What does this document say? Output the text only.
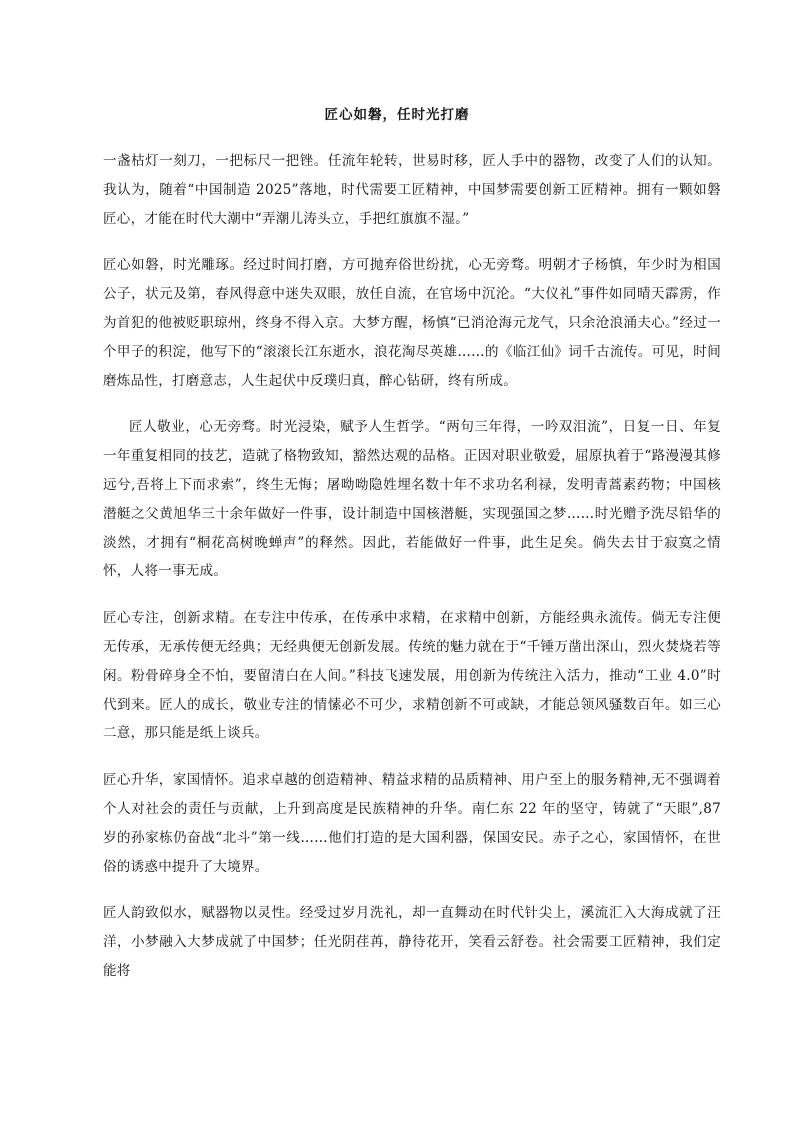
匠心如磐，任时光打磨

一盏枯灯一刻刀，一把标尺一把锉。任流年轮转，世易时移，匠人手中的器物，改变了人们的认知。我认为，随着“中国制造 2025”落地，时代需要工匠精神，中国梦需要创新工匠精神。拥有一颗如磐匠心，才能在时代大潮中“弄潮儿涛头立，手把红旗旗不湿。”

匠心如磐，时光雕琢。经过时间打磨，方可抛弃俗世纷扰，心无旁骛。明朝才子杨慎，年少时为相国公子，状元及第，春风得意中迷失双眼，放任自流，在官场中沉沦。“大仪礼”事件如同晴天霹雳，作为首犯的他被贬职琼州，终身不得入京。大梦方醒，杨慎“已消沧海元龙气，只余沧浪涌夫心。”经过一个甲子的积淀，他写下的“滚滚长江东逝水，浪花淘尽英雄……的《临江仙》词千古流传。可见，时间磨炼品性，打磨意志，人生起伏中反璞归真，醉心钻研，终有所成。

匠人敬业，心无旁骛。时光浸染，赋予人生哲学。“两句三年得，一吟双泪流”，日复一日、年复一年重复相同的技艺，造就了格物致知，豁然达观的品格。正因对职业敬爱，屈原执着于“路漫漫其修远兮,吾将上下而求索”，终生无悔；屠呦呦隐姓埋名数十年不求功名利禄，发明青蒿素药物；中国核潜艇之父黄旭华三十余年做好一件事，设计制造中国核潜艇，实现强国之梦……时光赠予洗尽铅华的淡然，才拥有“桐花高树晚蝉声”的释然。因此，若能做好一件事，此生足矣。倘失去甘于寂寞之情怀，人将一事无成。

匠心专注，创新求精。在专注中传承，在传承中求精，在求精中创新，方能经典永流传。倘无专注便无传承，无承传便无经典；无经典便无创新发展。传统的魅力就在于“千锤万凿出深山，烈火焚烧若等闲。粉骨碎身全不怕，要留清白在人间。”科技飞速发展，用创新为传统注入活力，推动“工业 4.0”时代到来。匠人的成长，敬业专注的情愫必不可少，求精创新不可或缺，才能总领风骚数百年。如三心二意，那只能是纸上谈兵。

匠心升华，家国情怀。追求卓越的创造精神、精益求精的品质精神、用户至上的服务精神,无不强调着个人对社会的责任与贡献，上升到高度是民族精神的升华。南仁东 22 年的坚守，铸就了“天眼”,87 岁的孙家栋仍奋战“北斗”第一线……他们打造的是大国利器，保国安民。赤子之心，家国情怀，在世俗的诱惑中提升了大境界。

匠人韵致似水，赋器物以灵性。经受过岁月洗礼，却一直舞动在时代针尖上，溪流汇入大海成就了汪洋，小梦融入大梦成就了中国梦；任光阴荏苒，静待花开，笑看云舒卷。社会需要工匠精神，我们定能将
